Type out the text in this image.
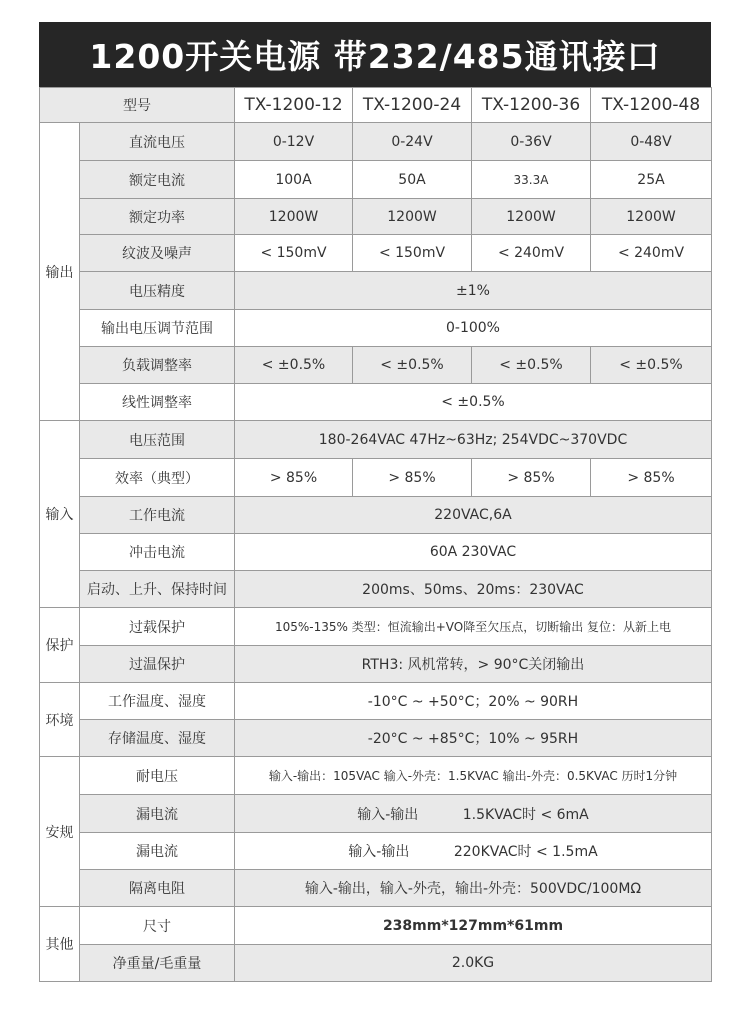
1200开关电源 带232/485通讯接口
型号		TX-1200-12	TX-1200-24	TX-1200-36	TX-1200-48
输出	直流电压	0-12V	0-24V	0-36V	0-48V
	额定电流	100A	50A	33.3A	25A
	额定功率	1200W	1200W	1200W	1200W
	纹波及噪声	< 150mV	< 150mV	< 240mV	< 240mV
	电压精度	±1%			
	输出电压调节范围	0-100%			
	负载调整率	< ±0.5%	< ±0.5%	< ±0.5%	< ±0.5%
	线性调整率	< ±0.5%			
输入	电压范围	180-264VAC 47Hz~63Hz; 254VDC~370VDC			
	效率（典型）	> 85%	> 85%	> 85%	> 85%
	工作电流	220VAC,6A			
	冲击电流	60A 230VAC			
	启动、上升、保持时间	200ms、50ms、20ms：230VAC			
保护	过载保护	105%-135% 类型：恒流输出+VO降至欠压点，切断输出 复位：从新上电			
	过温保护	RTH3: 风机常转，> 90°C关闭输出			
环境	工作温度、湿度	-10°C ~ +50°C；20% ~ 90RH			
	存储温度、湿度	-20°C ~ +85°C；10% ~ 95RH			
安规	耐电压	输入-输出：105VAC 输入-外壳：1.5KVAC 输出-外壳：0.5KVAC 历时1分钟			
	漏电流	输入-输出          1.5KVAC时 < 6mA			
	漏电流	输入-输出          220KVAC时 < 1.5mA			
	隔离电阻	输入-输出，输入-外壳，输出-外壳：500VDC/100MΩ			
其他	尺寸	238mm*127mm*61mm			
	净重量/毛重量	2.0KG			
